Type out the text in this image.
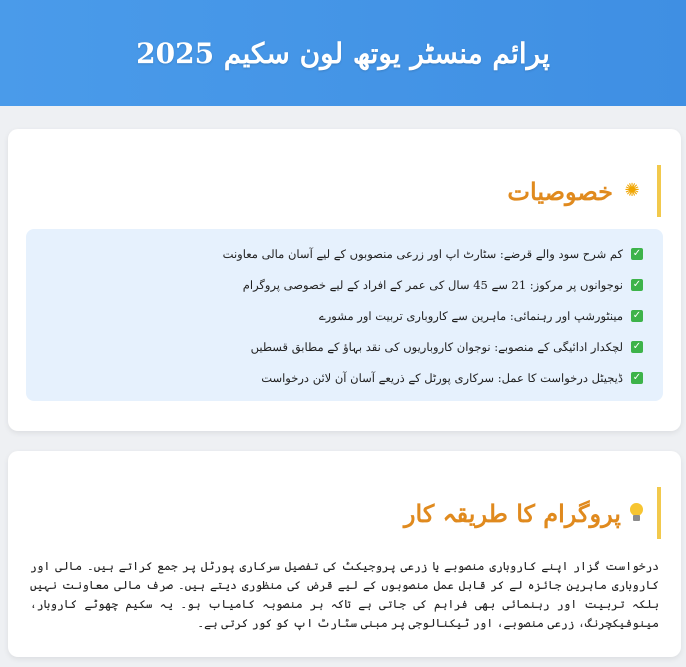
پرائم منسٹر یوتھ لون سکیم 2025
✺
خصوصیات
✓
کم شرح سود والے قرضے: سٹارٹ اپ اور زرعی منصوبوں کے لیے آسان مالی معاونت
✓
نوجوانوں پر مرکوز: 21 سے 45 سال کی عمر کے افراد کے لیے خصوصی پروگرام
✓
مینٹورشپ اور رہنمائی: ماہرین سے کاروباری تربیت اور مشورے
✓
لچکدار ادائیگی کے منصوبے: نوجوان کاروباریوں کی نقد بہاؤ کے مطابق قسطیں
✓
ڈیجیٹل درخواست کا عمل: سرکاری پورٹل کے ذریعے آسان آن لائن درخواست
پروگرام کا طریقہ کار

درخواست گزار اپنے کاروباری منصوبے یا زرعی پروجیکٹ کی تفصیل سرکاری پورٹل پر جمع کراتے ہیں۔ مالی اور کاروباری ماہرین جائزہ لے کر قابل عمل منصوبوں کے لیے قرض کی منظوری دیتے ہیں۔ صرف مالی معاونت نہیں بلکہ تربیت اور رہنمائی بھی فراہم کی جاتی ہے تاکہ ہر منصوبہ کامیاب ہو۔ یہ سکیم چھوٹے کاروبار، مینوفیکچرنگ، زرعی منصوبے، اور ٹیکنالوجی پر مبنی سٹارٹ اپ کو کور کرتی ہے۔
